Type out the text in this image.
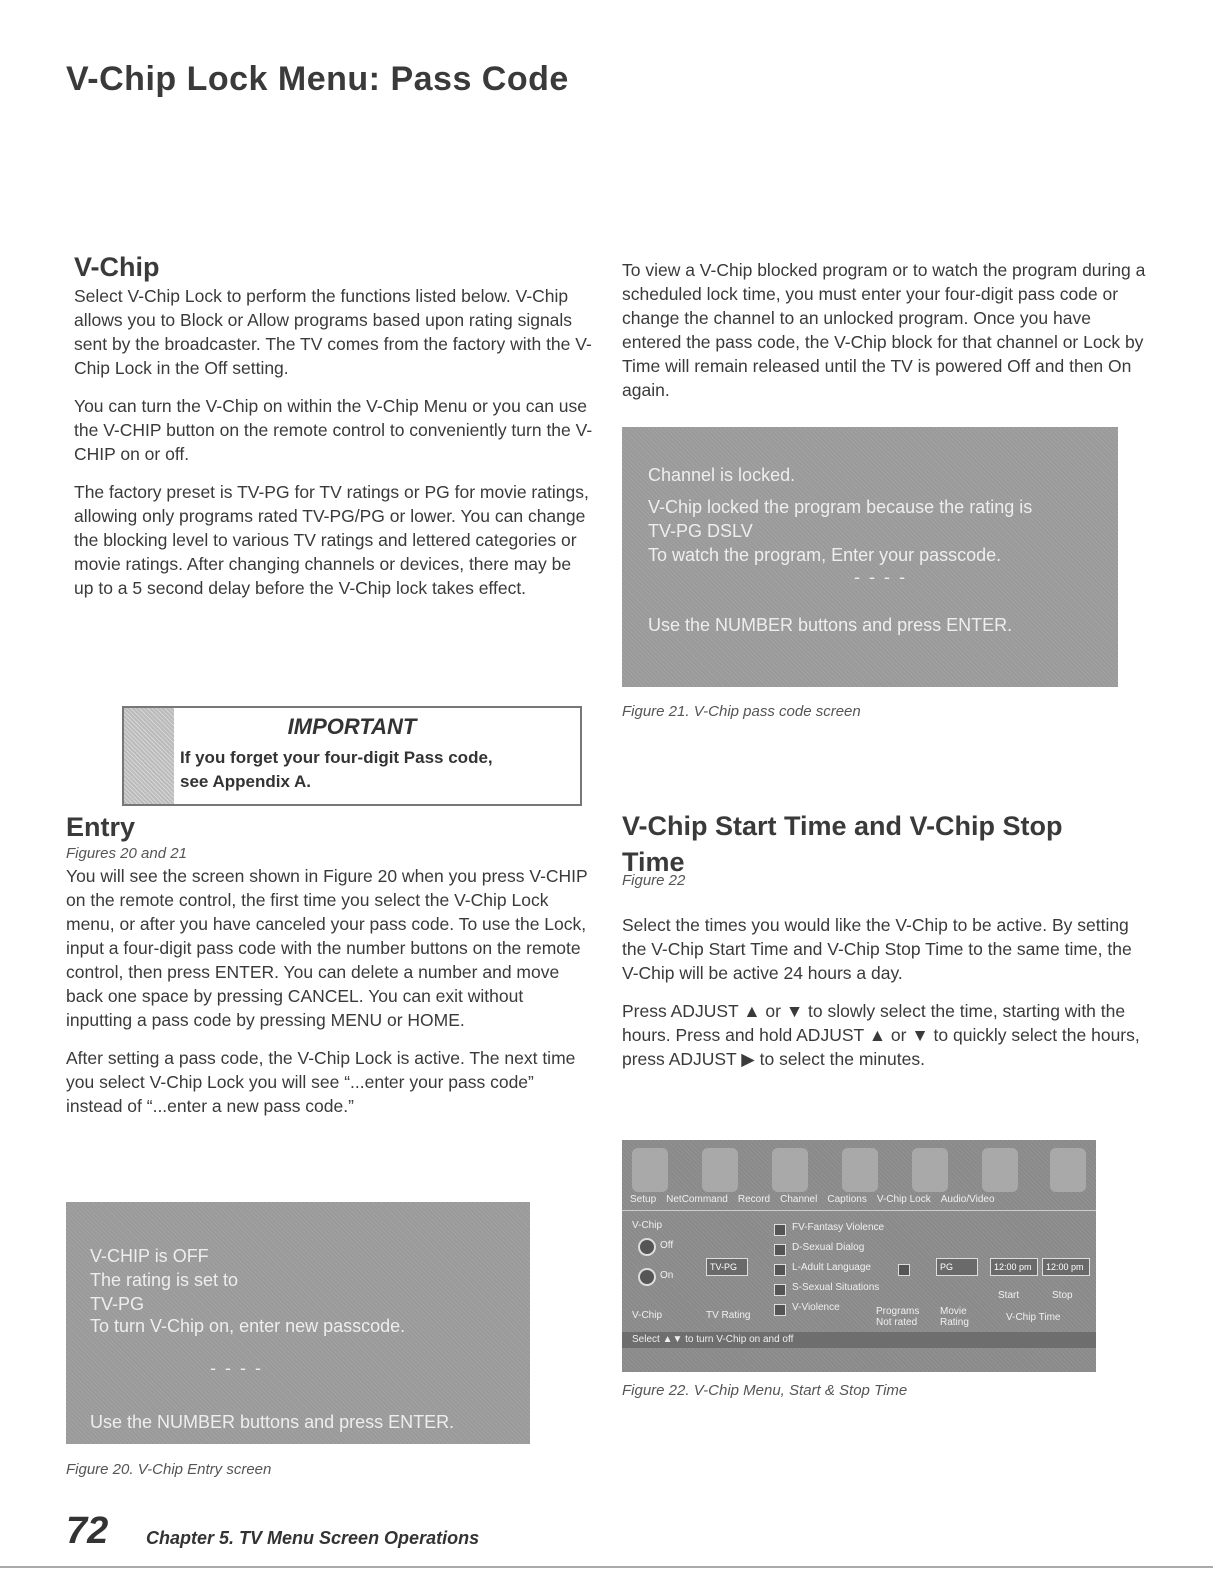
V-Chip Lock Menu: Pass Code
V-Chip

Select V-Chip Lock to perform the functions listed below. V-Chip allows you to Block or Allow programs based upon rating signals sent by the broadcaster. The TV comes from the factory with the V-Chip Lock in the Off setting.

You can turn the V-Chip on within the V-Chip Menu or you can use the V-CHIP button on the remote control to conveniently turn the V-CHIP on or off.

The factory preset is TV-PG for TV ratings or PG for movie ratings, allowing only programs rated TV-PG/PG or lower. You can change the blocking level to various TV ratings and lettered categories or movie ratings. After changing channels or devices, there may be up to a 5 second delay before the V-Chip lock takes effect.

IMPORTANT
If you forget your four-digit Pass code,
see Appendix A.
Entry
Figures 20 and 21

You will see the screen shown in Figure 20 when you press V-CHIP on the remote control, the first time you select the V-Chip Lock menu, or after you have canceled your pass code. To use the Lock, input a four-digit pass code with the number buttons on the remote control, then press ENTER. You can delete a number and move back one space by pressing CANCEL. You can exit without inputting a pass code by pressing MENU or HOME.

After setting a pass code, the V-Chip Lock is active. The next time you select V-Chip Lock you will see “...enter your pass code” instead of “...enter a new pass code.”

V-CHIP is OFF
The rating is set to
TV-PG
To turn V-Chip on, enter new passcode.
- - - -
Use the NUMBER buttons and press ENTER.
Figure 20. V-Chip Entry screen
To view a V-Chip blocked program or to watch the program during a scheduled lock time, you must enter your four-digit pass code or change the channel to an unlocked program. Once you have entered the pass code, the V-Chip block for that channel or Lock by Time will remain released until the TV is powered Off and then On again.
Channel is locked.
V-Chip locked the program because the rating is
TV-PG DSLV
To watch the program, Enter your passcode.
- - - -
Use the NUMBER buttons and press ENTER.
Figure 21. V-Chip pass code screen
V-Chip Start Time and V-Chip Stop
Time
Figure 22

Select the times you would like the V-Chip to be active. By setting the V-Chip Start Time and V-Chip Stop Time to the same time, the V-Chip will be active 24 hours a day.

Press ADJUST ▲ or ▼ to slowly select the time, starting with the hours. Press and hold ADJUST ▲ or ▼ to quickly select the hours, press ADJUST ▶ to select the minutes.

Setup NetCommand Record Channel Captions V-Chip Lock Audio/Video
V-Chip
Off
On
TV-PG
FV-Fantasy Violence
D-Sexual Dialog
L-Adult Language
S-Sexual Situations
V-Violence
PG	12:00 pm	12:00 pm
V-Chip	TV Rating	Programs Not rated
Movie Rating
Start	Stop
V-Chip Time
Select ▲▼ to turn V-Chip on and off
Figure 22. V-Chip Menu, Start & Stop Time
72 Chapter 5. TV Menu Screen Operations
